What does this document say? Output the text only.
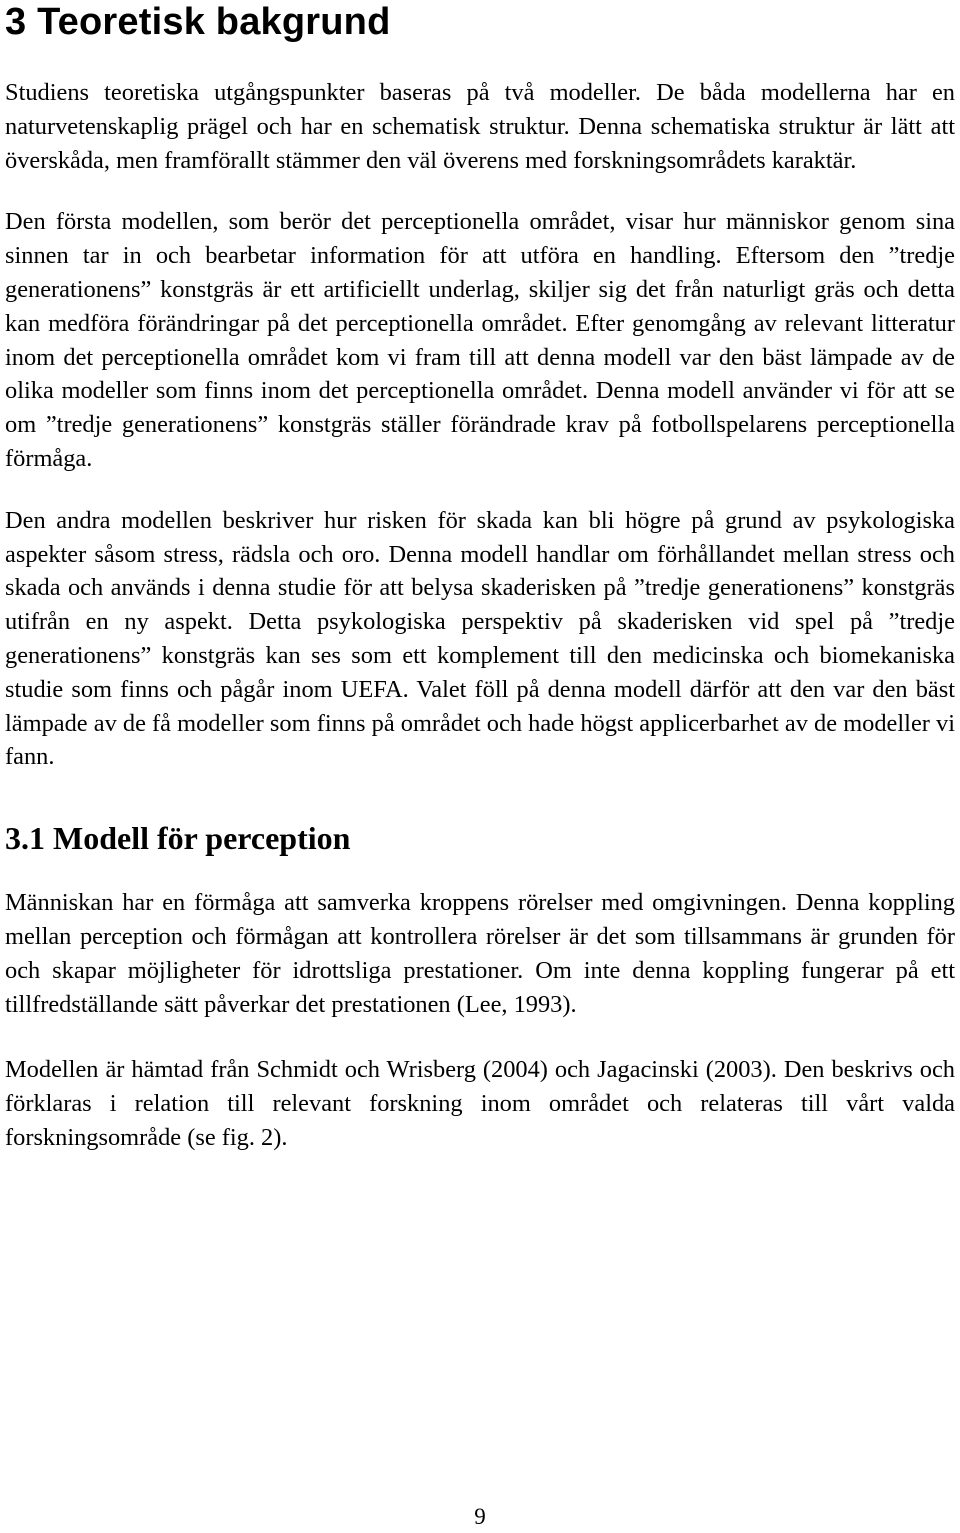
3 Teoretisk bakgrund

Studiens teoretiska utgångspunkter baseras på två modeller. De båda modellerna har en naturvetenskaplig prägel och har en schematisk struktur. Denna schematiska struktur är lätt att överskåda, men framförallt stämmer den väl överens med forskningsområdets karaktär.

Den första modellen, som berör det perceptionella området, visar hur människor genom sina sinnen tar in och bearbetar information för att utföra en handling. Eftersom den ”tredje generationens” konstgräs är ett artificiellt underlag, skiljer sig det från naturligt gräs och detta kan medföra förändringar på det perceptionella området. Efter genomgång av relevant litteratur inom det perceptionella området kom vi fram till att denna modell var den bäst lämpade av de olika modeller som finns inom det perceptionella området. Denna modell använder vi för att se om ”tredje generationens” konstgräs ställer förändrade krav på fotbollspelarens perceptionella förmåga.

Den andra modellen beskriver hur risken för skada kan bli högre på grund av psykologiska aspekter såsom stress, rädsla och oro. Denna modell handlar om förhållandet mellan stress och skada och används i denna studie för att belysa skaderisken på ”tredje generationens” konstgräs utifrån en ny aspekt. Detta psykologiska perspektiv på skaderisken vid spel på ”tredje generationens” konstgräs kan ses som ett komplement till den medicinska och biomekaniska studie som finns och pågår inom UEFA. Valet föll på denna modell därför att den var den bäst lämpade av de få modeller som finns på området och hade högst applicerbarhet av de modeller vi fann.

3.1 Modell för perception

Människan har en förmåga att samverka kroppens rörelser med omgivningen. Denna koppling mellan perception och förmågan att kontrollera rörelser är det som tillsammans är grunden för och skapar möjligheter för idrottsliga prestationer. Om inte denna koppling fungerar på ett tillfredställande sätt påverkar det prestationen (Lee, 1993).

Modellen är hämtad från Schmidt och Wrisberg (2004) och Jagacinski (2003). Den beskrivs och förklaras i relation till relevant forskning inom området och relateras till vårt valda forskningsområde (se fig. 2).

9
